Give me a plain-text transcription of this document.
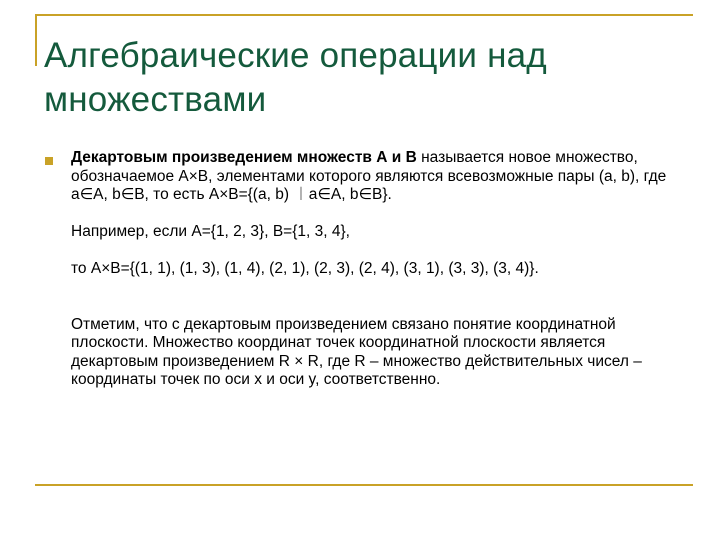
Алгебраические операции над множествами

Декартовым произведением множеств А и В называется новое множество, обозначаемое А×В, элементами которого являются всевозможные пары (a, b), где a∈A, b∈B, то есть A×B={(a, b) ︱a∈A, b∈B}.

Например, если A={1, 2, 3}, B={1, 3, 4},

то A×B={(1, 1), (1, 3), (1, 4), (2, 1), (2, 3), (2, 4), (3, 1), (3, 3), (3, 4)}.

Отметим, что с декартовым произведением связано понятие координатной плоскости. Множество координат точек координатной плоскости является декартовым произведением R × R, где R – множество действительных чисел – координаты точек по оси x и оси y, соответственно.
